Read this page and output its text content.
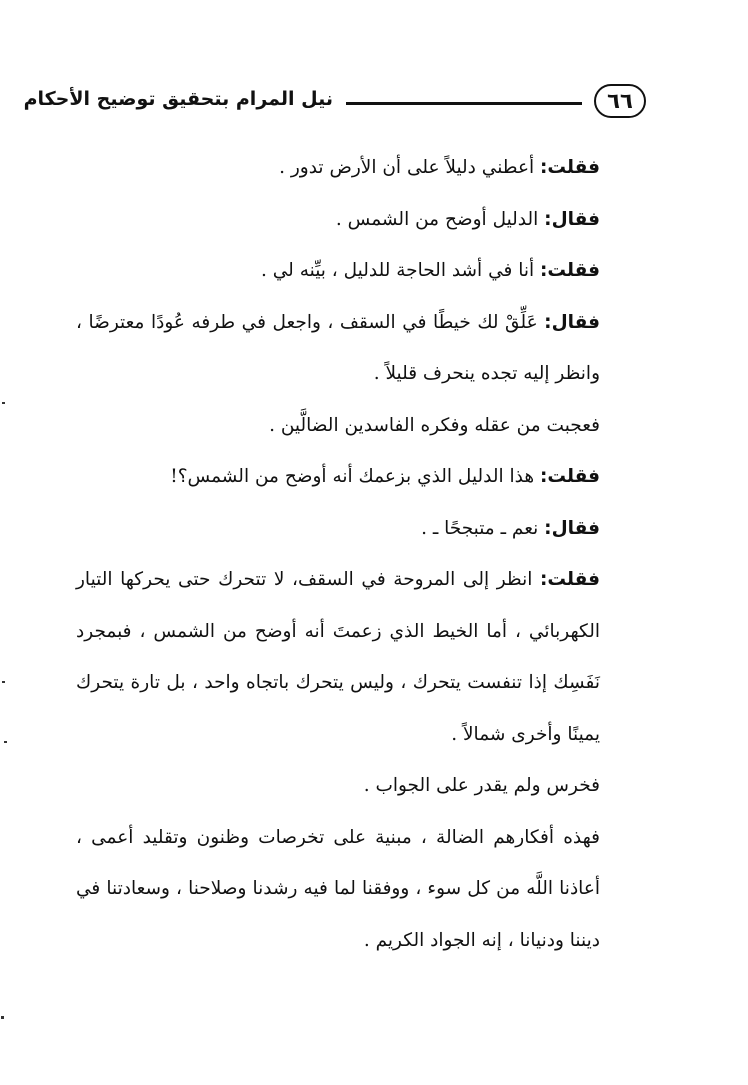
٦٦
نيل المرام بتحقيق توضيح الأحكام

فقلت: أعطني دليلاً على أن الأرض تدور .

فقال: الدليل أوضح من الشمس .

فقلت: أنا في أشد الحاجة للدليل ، بيِّنه لي .

فقال: عَلِّقْ لك خيطًا في السقف ، واجعل في طرفه عُودًا معترضًا ، وانظر إليه تجده ينحرف قليلاً .

فعجبت من عقله وفكره الفاسدين الضالَّين .

فقلت: هذا الدليل الذي بزعمك أنه أوضح من الشمس؟!

فقال: نعم ـ متبجحًا ـ .

فقلت: انظر إلى المروحة في السقف، لا تتحرك حتى يحركها التيار الكهربائي ، أما الخيط الذي زعمتَ أنه أوضح من الشمس ، فبمجرد نَفَسِك إذا تنفست يتحرك ، وليس يتحرك باتجاه واحد ، بل تارة يتحرك يمينًا وأخرى شمالاً .

فخرس ولم يقدر على الجواب .

فهذه أفكارهم الضالة ، مبنية على تخرصات وظنون وتقليد أعمى ، أعاذنا اللَّه من كل سوء ، ووفقنا لما فيه رشدنا وصلاحنا ، وسعادتنا في ديننا ودنيانا ، إنه الجواد الكريم .
